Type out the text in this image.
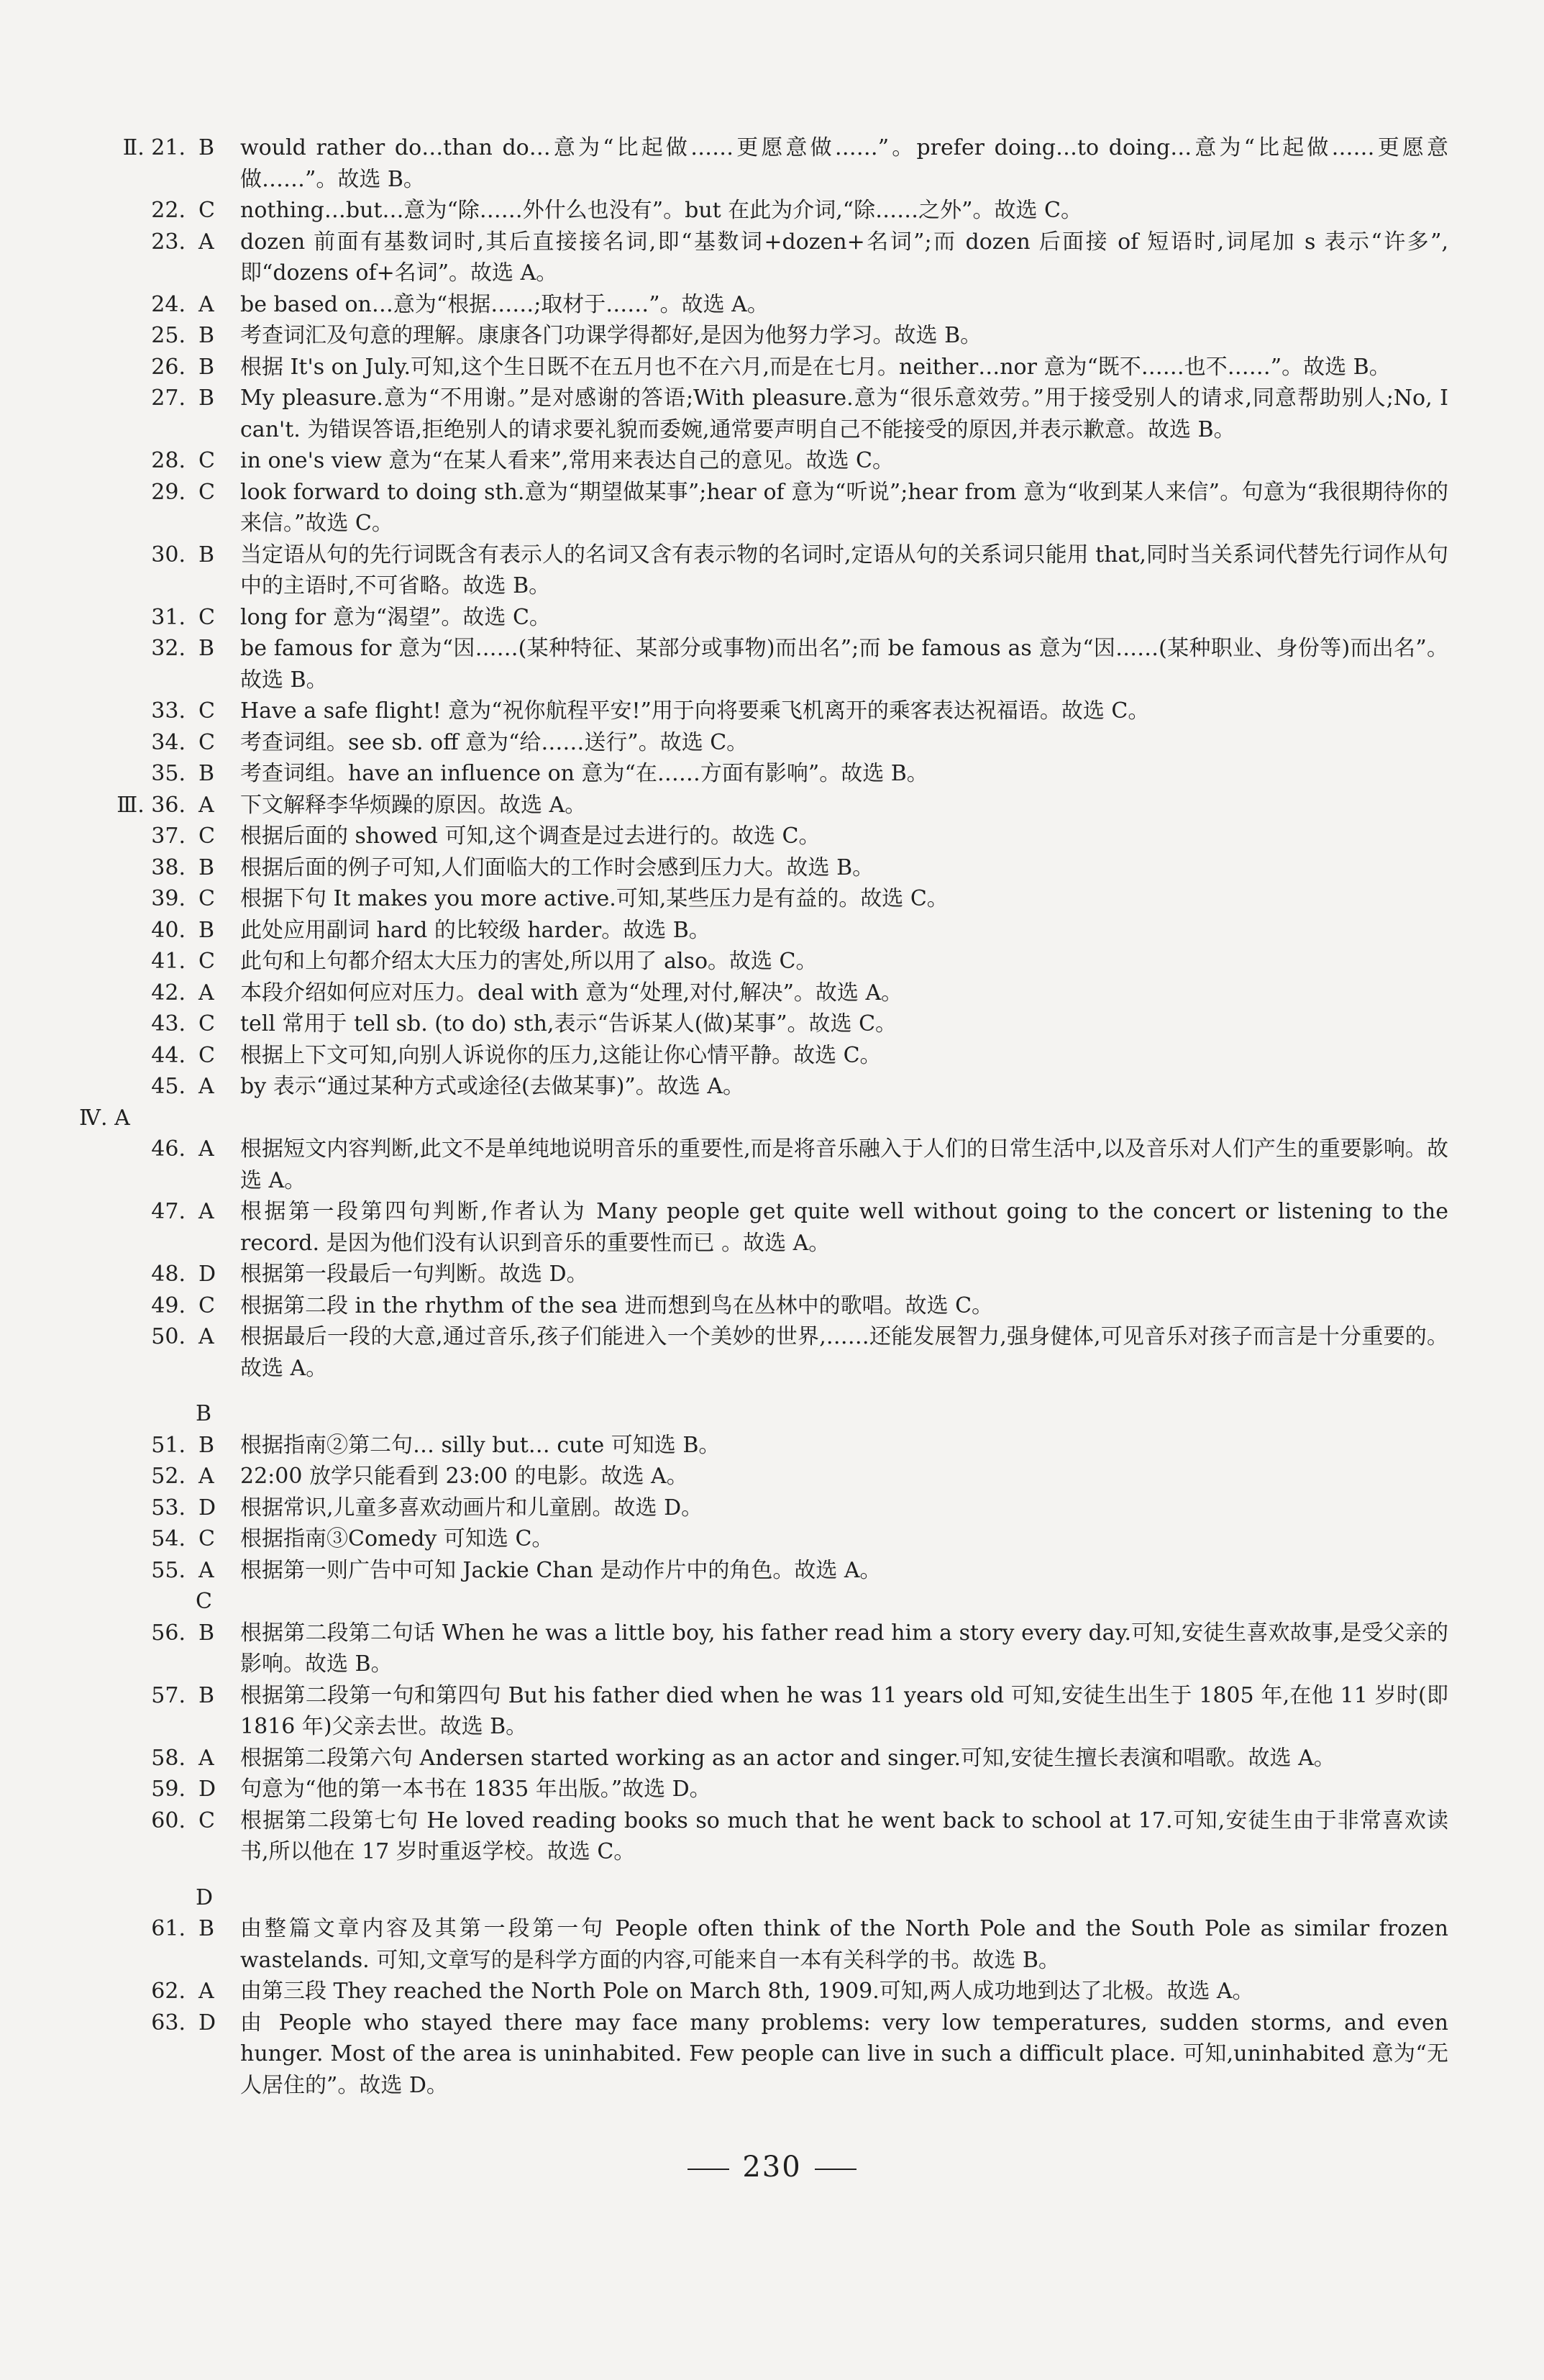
Ⅱ. 21. B	would rather do…than do…意为“比起做……更愿意做……”。prefer doing…to doing…意为“比起做……更愿意做……”。故选 B。
22. C	nothing…but…意为“除……外什么也没有”。but 在此为介词,“除……之外”。故选 C。
23. A	dozen 前面有基数词时,其后直接接名词,即“基数词+dozen+名词”;而 dozen 后面接 of 短语时,词尾加 s 表示“许多”,即“dozens of+名词”。故选 A。
24. A	be based on…意为“根据……;取材于……”。故选 A。
25. B	考查词汇及句意的理解。康康各门功课学得都好,是因为他努力学习。故选 B。
26. B	根据 It's on July.可知,这个生日既不在五月也不在六月,而是在七月。neither…nor 意为“既不……也不……”。故选 B。
27. B	My pleasure.意为“不用谢。”是对感谢的答语;With pleasure.意为“很乐意效劳。”用于接受别人的请求,同意帮助别人;No, I can't. 为错误答语,拒绝别人的请求要礼貌而委婉,通常要声明自己不能接受的原因,并表示歉意。故选 B。
28. C	in one's view 意为“在某人看来”,常用来表达自己的意见。故选 C。
29. C	look forward to doing sth.意为“期望做某事”;hear of 意为“听说”;hear from 意为“收到某人来信”。句意为“我很期待你的来信。”故选 C。
30. B	当定语从句的先行词既含有表示人的名词又含有表示物的名词时,定语从句的关系词只能用 that,同时当关系词代替先行词作从句中的主语时,不可省略。故选 B。
31. C	long for 意为“渴望”。故选 C。
32. B	be famous for 意为“因……(某种特征、某部分或事物)而出名”;而 be famous as 意为“因……(某种职业、身份等)而出名”。故选 B。
33. C	Have a safe flight! 意为“祝你航程平安!”用于向将要乘飞机离开的乘客表达祝福语。故选 C。
34. C	考查词组。see sb. off 意为“给……送行”。故选 C。
35. B	考查词组。have an influence on 意为“在……方面有影响”。故选 B。
Ⅲ. 36. A	下文解释李华烦躁的原因。故选 A。
37. C	根据后面的 showed 可知,这个调查是过去进行的。故选 C。
38. B	根据后面的例子可知,人们面临大的工作时会感到压力大。故选 B。
39. C	根据下句 It makes you more active.可知,某些压力是有益的。故选 C。
40. B	此处应用副词 hard 的比较级 harder。故选 B。
41. C	此句和上句都介绍太大压力的害处,所以用了 also。故选 C。
42. A	本段介绍如何应对压力。deal with 意为“处理,对付,解决”。故选 A。
43. C	tell 常用于 tell sb. (to do) sth,表示“告诉某人(做)某事”。故选 C。
44. C	根据上下文可知,向别人诉说你的压力,这能让你心情平静。故选 C。
45. A	by 表示“通过某种方式或途径(去做某事)”。故选 A。
Ⅳ. A
46. A	根据短文内容判断,此文不是单纯地说明音乐的重要性,而是将音乐融入于人们的日常生活中,以及音乐对人们产生的重要影响。故选 A。
47. A	根据第一段第四句判断,作者认为 Many people get quite well without going to the concert or listening to the record. 是因为他们没有认识到音乐的重要性而已 。故选 A。
48. D	根据第一段最后一句判断。故选 D。
49. C	根据第二段 in the rhythm of the sea 进而想到鸟在丛林中的歌唱。故选 C。
50. A	根据最后一段的大意,通过音乐,孩子们能进入一个美妙的世界,……还能发展智力,强身健体,可见音乐对孩子而言是十分重要的。故选 A。
B
51. B	根据指南②第二句… silly but… cute 可知选 B。
52. A	22:00 放学只能看到 23:00 的电影。故选 A。
53. D	根据常识,儿童多喜欢动画片和儿童剧。故选 D。
54. C	根据指南③Comedy 可知选 C。
55. A	根据第一则广告中可知 Jackie Chan 是动作片中的角色。故选 A。
C
56. B	根据第二段第二句话 When he was a little boy, his father read him a story every day.可知,安徒生喜欢故事,是受父亲的影响。故选 B。
57. B	根据第二段第一句和第四句 But his father died when he was 11 years old 可知,安徒生出生于 1805 年,在他 11 岁时(即 1816 年)父亲去世。故选 B。
58. A	根据第二段第六句 Andersen started working as an actor and singer.可知,安徒生擅长表演和唱歌。故选 A。
59. D	句意为“他的第一本书在 1835 年出版。”故选 D。
60. C	根据第二段第七句 He loved reading books so much that he went back to school at 17.可知,安徒生由于非常喜欢读书,所以他在 17 岁时重返学校。故选 C。
D
61. B	由整篇文章内容及其第一段第一句 People often think of the North Pole and the South Pole as similar frozen wastelands. 可知,文章写的是科学方面的内容,可能来自一本有关科学的书。故选 B。
62. A	由第三段 They reached the North Pole on March 8th, 1909.可知,两人成功地到达了北极。故选 A。
63. D	由 People who stayed there may face many problems: very low temperatures, sudden storms, and even hunger. Most of the area is uninhabited. Few people can live in such a difficult place. 可知,uninhabited 意为“无人居住的”。故选 D。
230
